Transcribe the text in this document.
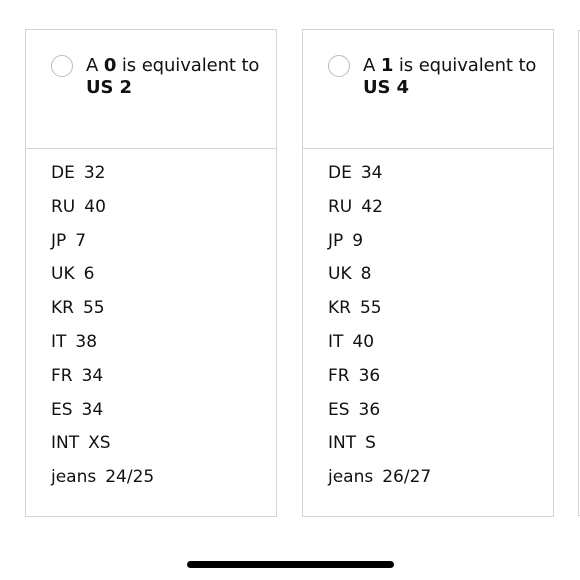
A 0 is equivalent to
US 2
DE 32
RU 40
JP 7
UK 6
KR 55
IT 38
FR 34
ES 34
INT XS
jeans 24/25
A 1 is equivalent to
US 4
DE 34
RU 42
JP 9
UK 8
KR 55
IT 40
FR 36
ES 36
INT S
jeans 26/27
